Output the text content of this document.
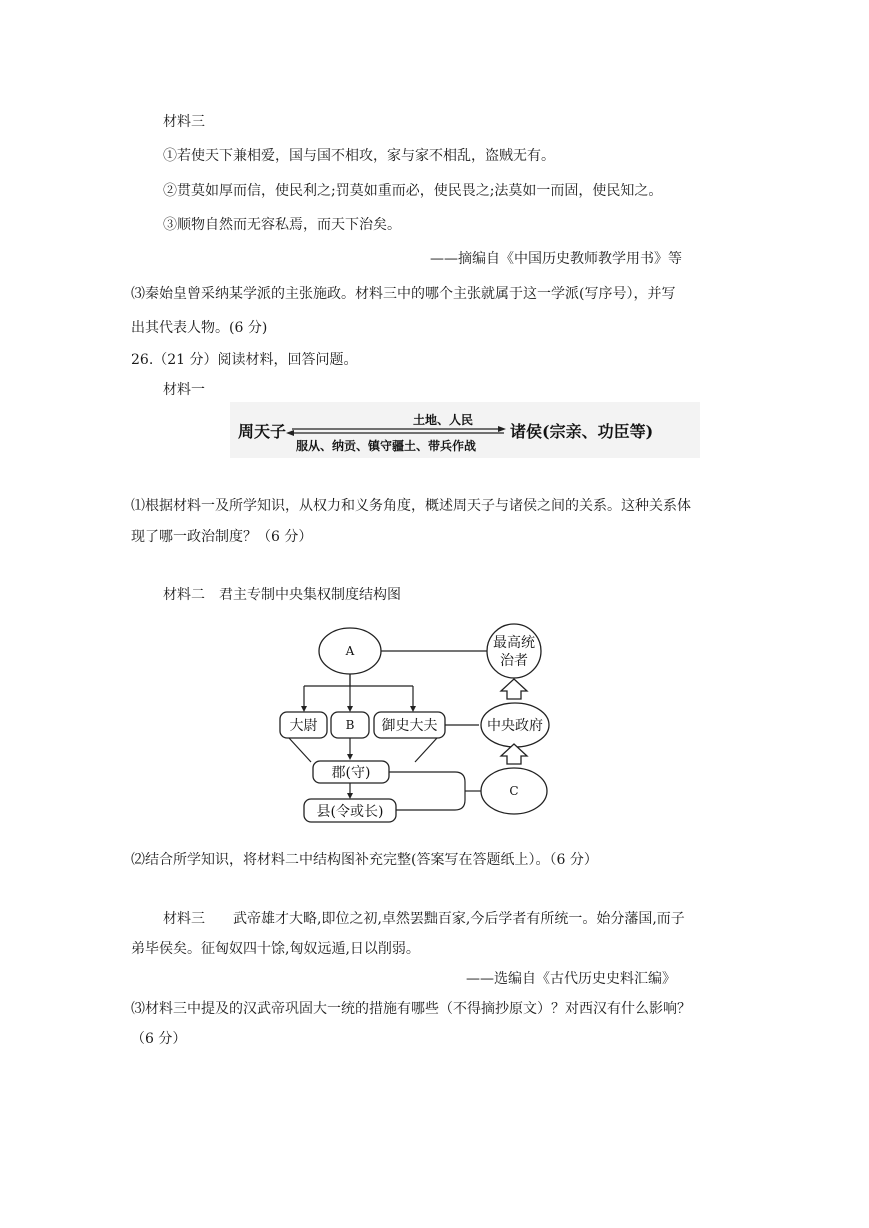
材料三
①若使天下兼相爱，国与国不相攻，家与家不相乱，盗贼无有。
②贯莫如厚而信，使民利之;罚莫如重而必，使民畏之;法莫如一而固，使民知之。
③顺物自然而无容私焉，而天下治矣。
——摘编自《中国历史教师教学用书》等
⑶秦始皇曾采纳某学派的主张施政。材料三中的哪个主张就属于这一学派(写序号），并写
出其代表人物。(6 分)
26.（21 分）阅读材料，回答问题。
材料一
周天子
土地、人民
服从、纳贡、镇守疆土、带兵作战
诸侯(宗亲、功臣等)
⑴根据材料一及所学知识，从权力和义务角度，概述周天子与诸侯之间的关系。这种关系体
现了哪一政治制度？（6 分）
材料二　君主专制中央集权制度结构图
A	最高统
治者
大尉 B 御史大夫	中央政府
郡(守)
县(令或长)
C
⑵结合所学知识，将材料二中结构图补充完整(答案写在答题纸上）。（6 分）
材料三　　武帝雄才大略,即位之初,卓然罢黜百家,今后学者有所统一。始分藩国,而子
弟毕侯矣。征匈奴四十馀,匈奴远遁,日以削弱。
——选编自《古代历史史料汇编》
⑶材料三中提及的汉武帝巩固大一统的措施有哪些（不得摘抄原文）？对西汉有什么影响？
（6 分）
